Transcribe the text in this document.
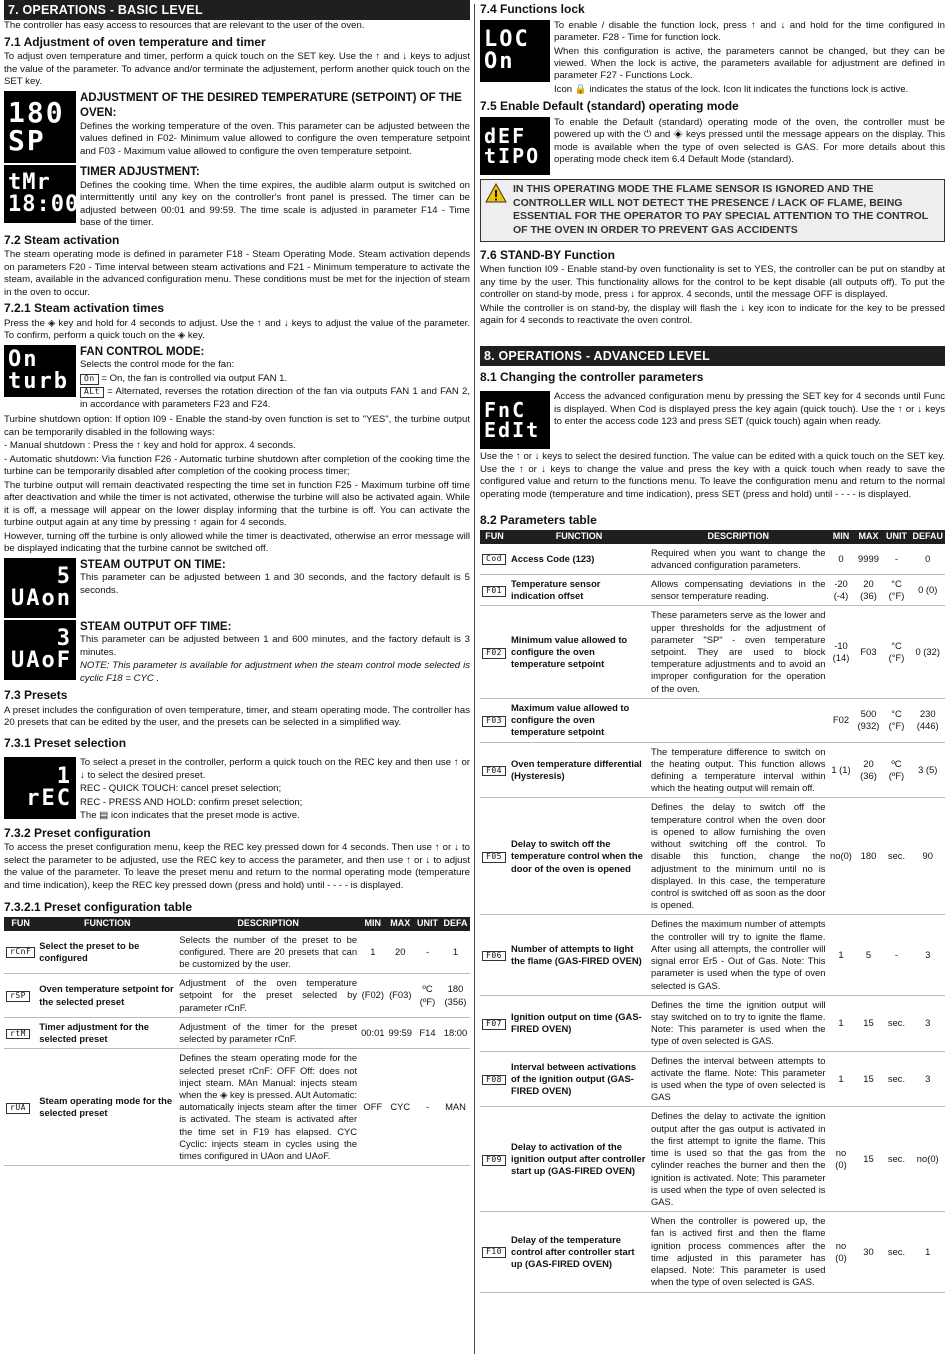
7. OPERATIONS - BASIC LEVEL

The controller has easy access to resources that are relevant to the user of the oven.

7.1 Adjustment of oven temperature and timer

To adjust oven temperature and timer, perform a quick touch on the SET key. Use the ↑ and ↓ keys to adjust the value of the parameter. To advance and/or terminate the adjustement, perform another quick touch on the SET key.

180
SP
ADJUSTMENT OF THE DESIRED TEMPERATURE (SETPOINT) OF THE OVEN:

Defines the working temperature of the oven. This parameter can be adjusted between the values defined in F02- Minimum value allowed to configure the oven temperature setpoint and F03 - Maximum value allowed to configure the oven temperature setpoint.

tMr
18:00
TIMER ADJUSTMENT:

Defines the cooking time. When the time expires, the audible alarm output is switched on intermittently until any key on the controller's front panel is pressed. The timer can be adjusted between 00:01 and 99:59. The time scale is adjusted in parameter F14 - Time base of the timer.

7.2 Steam activation

The steam operating mode is defined in parameter F18 - Steam Operating Mode. Steam activation depends on parameters F20 - Time interval between steam activations and F21 - Minimum temperature to activate the steam, available in the advanced configuration menu. These conditions must be met for the injection of steam in the oven to occur.

7.2.1 Steam activation times

Press the ◈ key and hold for 4 seconds to adjust. Use the ↑ and ↓ keys to adjust the value of the parameter. To confirm, perform a quick touch on the ◈ key.

On
turb
FAN CONTROL MODE:

Selects the control mode for the fan:

On = On, the fan is controlled via output FAN 1.

ALt = Alternated, reverses the rotation direction of the fan via outputs FAN 1 and FAN 2, in accordance with parameters F23 and F24.

Turbine shutdown option: If option I09 - Enable the stand-by oven function is set to "YES", the turbine output can be temporarily disabled in the following ways:

- Manual shutdown : Press the ↑ key and hold for approx. 4 seconds.

- Automatic shutdown: Via function F26 - Automatic turbine shutdown after completion of the cooking time the turbine can be temporarily disabled after completion of the cooking process timer;

The turbine output will remain deactivated respecting the time set in function F25 - Maximum turbine off time after deactivation and while the timer is not activated, otherwise the turbine will also be activated again. While it is off, a message will appear on the lower display informing that the turbine is off. You can activate the turbine output again at any time by pressing ↑ again for 4 seconds.

However, turning off the turbine is only allowed while the timer is deactivated, otherwise an error message will be displayed indicating that the turbine cannot be switched off.

5
UAon
STEAM OUTPUT ON TIME:

This parameter can be adjusted between 1 and 30 seconds, and the factory default is 5 seconds.

3
UAoF
STEAM OUTPUT OFF TIME:

This parameter can be adjusted between 1 and 600 minutes, and the factory default is 3 minutes.

NOTE: This parameter is available for adjustment when the steam control mode selected is cyclic F18 = CYC .

7.3 Presets

A preset includes the configuration of oven temperature, timer, and steam operating mode. The controller has 20 presets that can be edited by the user, and the presets can be selected in a simplified way.

7.3.1 Preset selection
1
rEC

To select a preset in the controller, perform a quick touch on the REC key and then use ↑ or ↓ to select the desired preset.

REC - QUICK TOUCH: cancel preset selection;

REC - PRESS AND HOLD: confirm preset selection;

The ▤ icon indicates that the preset mode is active.

7.3.2 Preset configuration

To access the preset configuration menu, keep the REC key pressed down for 4 seconds. Then use ↑ or ↓ to select the parameter to be adjusted, use the REC key to access the parameter, and then use ↑ or ↓ to adjust the value of the parameter. To leave the preset menu and return to the normal operating mode (temperature and time indication), keep the REC key pressed down (press and hold) until - - - - is displayed.

7.3.2.1 Preset configuration table
FUN	FUNCTION	DESCRIPTION	MIN	MAX	UNIT	DEFA
rCnF	Select the preset to be configured	Selects the number of the preset to be configured. There are 20 presets that can be customized by the user.	1	20	-	1
rSP	Oven temperature setpoint for the selected preset	Adjustment of the oven temperature setpoint for the preset selected by parameter rCnF.	(F02)	(F03)	ºC (ºF)	180 (356)
rtM	Timer adjustment for the selected preset	Adjustment of the timer for the preset selected by parameter rCnF.	00:01	99:59	F14	18:00
rUA	Steam operating mode for the selected preset	Defines the steam operating mode for the selected preset rCnF: OFF Off: does not inject steam. MAn Manual: injects steam when the ◈ key is pressed. AUt Automatic: automatically injects steam after the timer is activated. The steam is activated after the time set in F19 has elapsed. CYC Cyclic: injects steam in cycles using the times configured in UAon and UAoF.	OFF	CYC	-	MAN
7.4 Functions lock
LOC
On

To enable / disable the function lock, press ↑ and ↓ and hold for the time configured in parameter. F28 - Time for function lock.

When this configuration is active, the parameters cannot be changed, but they can be viewed. When the lock is active, the parameters available for adjustment are defined in parameter F27 - Functions Lock.

Icon 🔒 indicates the status of the lock. Icon lit indicates the functions lock is active.

7.5 Enable Default (standard) operating mode
dEF
tIPO

To enable the Default (standard) operating mode of the oven, the controller must be powered up with the ⏻ and ◈ keys pressed until the message appears on the display. This mode is available when the type of oven selected is GAS. For more details about this operating mode check item 6.4 Default Mode (standard).

IN THIS OPERATING MODE THE FLAME SENSOR IS IGNORED AND THE CONTROLLER WILL NOT DETECT THE PRESENCE / LACK OF FLAME, BEING ESSENTIAL FOR THE OPERATOR TO PAY SPECIAL ATTENTION TO THE CONTROL OF THE OVEN IN ORDER TO PREVENT GAS ACCIDENTS
7.6 STAND-BY Function

When function I09 - Enable stand-by oven functionality is set to YES, the controller can be put on standby at any time by the user. This functionality allows for the control to be kept disable (all outputs off). To put the controller on stand-by mode, press ↓ for approx. 4 seconds, until the message OFF is displayed.

While the controller is on stand-by, the display will flash the ↓ key icon to indicate for the key to be pressed again for 4 seconds to reactivate the oven control.

8. OPERATIONS - ADVANCED LEVEL
8.1 Changing the controller parameters
FnC
EdIt

Access the advanced configuration menu by pressing the SET key for 4 seconds until Func is displayed. When Cod is displayed press the key again (quick touch). Use the ↑ or ↓ keys to enter the access code 123 and press SET (quick touch) again when ready.

Use the ↑ or ↓ keys to select the desired function. The value can be edited with a quick touch on the SET key. Use the ↑ or ↓ keys to change the value and press the key with a quick touch when ready to save the configured value and return to the functions menu. To leave the configuration menu and return to the normal operating mode (temperature and time indication), press SET (press and hold) until - - - - is displayed.

8.2 Parameters table
FUN	FUNCTION	DESCRIPTION	MIN	MAX	UNIT	DEFAU
Cod	Access Code (123)	Required when you want to change the advanced configuration parameters.	0	9999	-	0
F01	Temperature sensor indication offset	Allows compensating deviations in the sensor temperature reading.	-20 (-4)	20 (36)	°C (°F)	0 (0)
F02	Minimum value allowed to configure the oven temperature setpoint	These parameters serve as the lower and upper thresholds for the adjustment of parameter "SP" - oven temperature setpoint. They are used to block temperature adjustments and to avoid an improper configuration for the operation of the oven.	-10 (14)	F03	°C (°F)	0 (32)
F03	Maximum value allowed to configure the oven temperature setpoint		F02	500 (932)	°C (°F)	230 (446)
F04	Oven temperature differential (Hysteresis)	The temperature difference to switch on the heating output. This function allows defining a temperature interval within which the heating output will remain off.	1 (1)	20 (36)	ºC (ºF)	3 (5)
F05	Delay to switch off the temperature control when the door of the oven is opened	Defines the delay to switch off the temperature control when the oven door is opened to allow furnishing the oven without switching off the control. To disable this function, change the adjustment to the minimum until no is displayed. In this case, the temperature control is switched off as soon as the door is opened.	no(0)	180	sec.	90
F06	Number of attempts to light the flame (GAS-FIRED OVEN)	Defines the maximum number of attempts the controller will try to ignite the flame. After using all attempts, the controller will signal error Er5 - Out of Gas. Note: This parameter is used when the type of oven selected is GAS.	1	5	-	3
F07	Ignition output on time (GAS-FIRED OVEN)	Defines the time the ignition output will stay switched on to try to ignite the flame. Note: This parameter is used when the type of oven selected is GAS.	1	15	sec.	3
F08	Interval between activations of the ignition output (GAS-FIRED OVEN)	Defines the interval between attempts to activate the flame. Note: This parameter is used when the type of oven selected is GAS	1	15	sec.	3
F09	Delay to activation of the ignition output after controller start up (GAS-FIRED OVEN)	Defines the delay to activate the ignition output after the gas output is activated in the first attempt to ignite the flame. This time is used so that the gas from the cylinder reaches the burner and then the ignition is activated. Note: This parameter is used when the type of oven selected is GAS.	no (0)	15	sec.	no(0)
F10	Delay of the temperature control after controller start up (GAS-FIRED OVEN)	When the controller is powered up, the fan is actived first and then the flame ignition process commences after the time adjusted in this parameter has elapsed. Note: This parameter is used when the type of oven selected is GAS.	no (0)	30	sec.	1
